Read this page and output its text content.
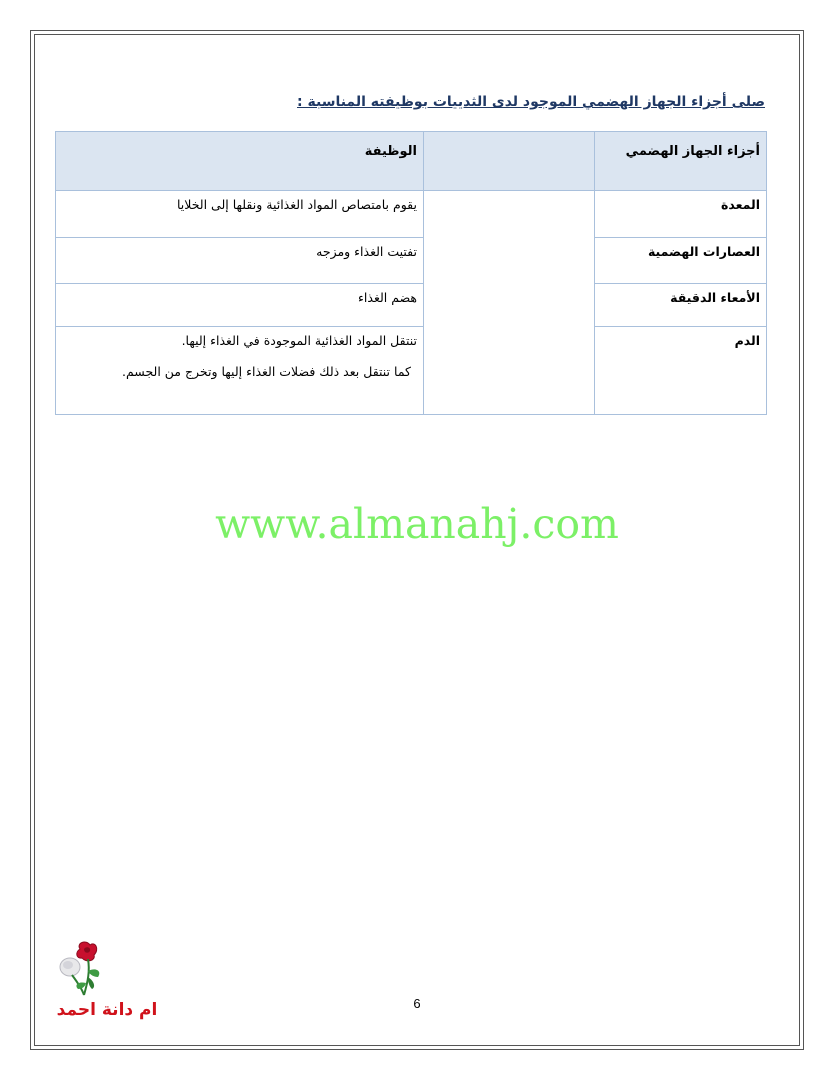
صلى أجزاء الجهاز الهضمي الموجود لدى الثدييات بوظيفته المناسبة :
أجزاء الجهاز الهضمي		الوظيفة
المعدة		يقوم بامتصاص المواد الغذائية ونقلها إلى الخلايا
العصارات الهضمية		تفتيت الغذاء ومزجه
الأمعاء الدقيقة		هضم الغذاء
الدم		تنتقل المواد الغذائية الموجودة في الغذاء إليها.
كما تنتقل بعد ذلك فضلات الغذاء إليها وتخرج من الجسم.
www.almanahj.com
6
ام دانة احمد
